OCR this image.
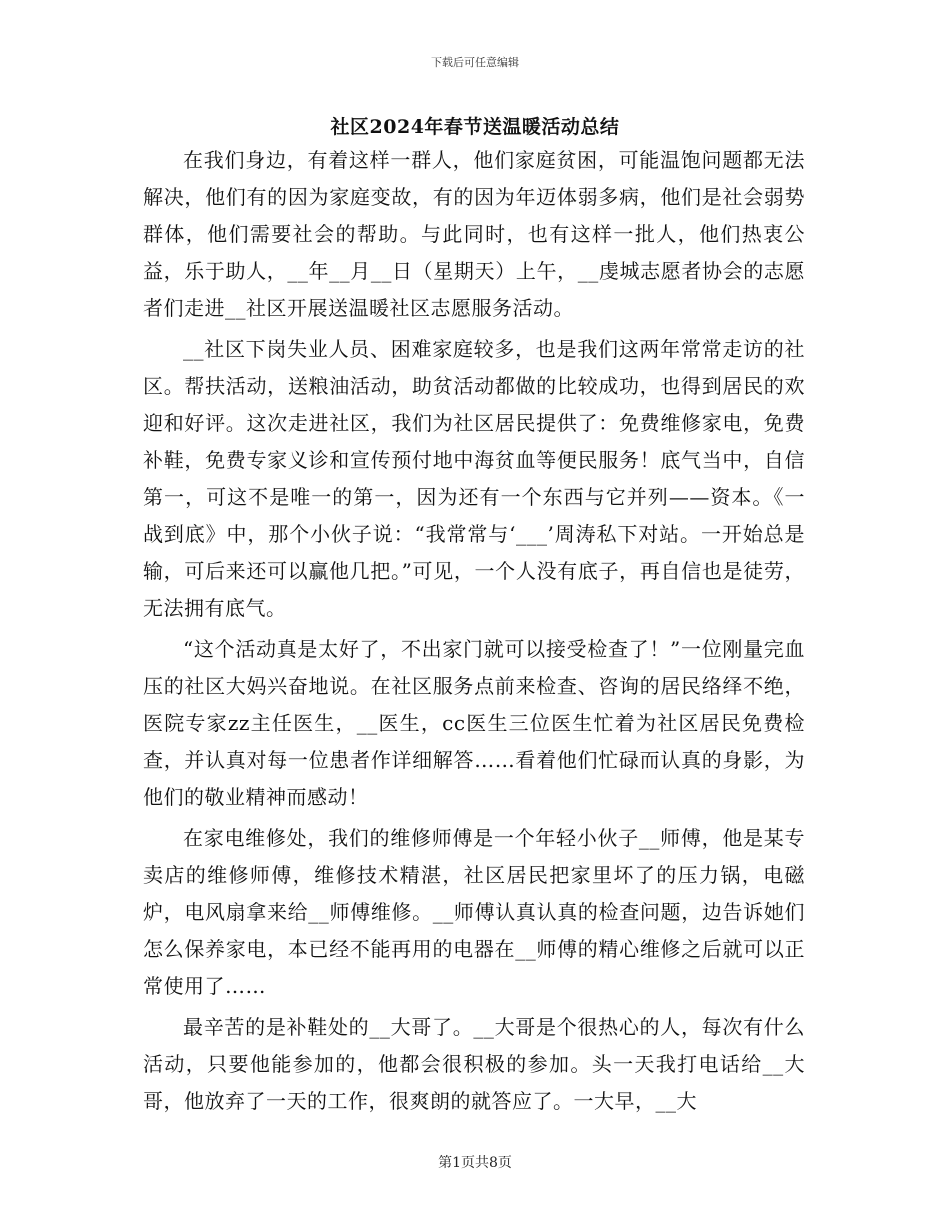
下载后可任意编辑
社区2024年春节送温暖活动总结

在我们身边，有着这样一群人，他们家庭贫困，可能温饱问题都无法解决，他们有的因为家庭变故，有的因为年迈体弱多病，他们是社会弱势群体，他们需要社会的帮助。与此同时，也有这样一批人，他们热衷公益，乐于助人，__年__月__日（星期天）上午，__虔城志愿者协会的志愿者们走进__社区开展送温暖社区志愿服务活动。

__社区下岗失业人员、困难家庭较多，也是我们这两年常常走访的社区。帮扶活动，送粮油活动，助贫活动都做的比较成功，也得到居民的欢迎和好评。这次走进社区，我们为社区居民提供了：免费维修家电，免费补鞋，免费专家义诊和宣传预付地中海贫血等便民服务！底气当中，自信第一，可这不是唯一的第一，因为还有一个东西与它并列——资本。《一战到底》中，那个小伙子说：“我常常与‘___’周涛私下对站。一开始总是输，可后来还可以赢他几把。”可见，一个人没有底子，再自信也是徒劳，无法拥有底气。

“这个活动真是太好了，不出家门就可以接受检查了！”一位刚量完血压的社区大妈兴奋地说。在社区服务点前来检查、咨询的居民络绎不绝，医院专家zz主任医生，__医生，cc医生三位医生忙着为社区居民免费检查，并认真对每一位患者作详细解答……看着他们忙碌而认真的身影，为他们的敬业精神而感动！

在家电维修处，我们的维修师傅是一个年轻小伙子__师傅，他是某专卖店的维修师傅，维修技术精湛，社区居民把家里坏了的压力锅，电磁炉，电风扇拿来给__师傅维修。__师傅认真认真的检查问题，边告诉她们怎么保养家电，本已经不能再用的电器在__师傅的精心维修之后就可以正常使用了……

最辛苦的是补鞋处的__大哥了。__大哥是个很热心的人，每次有什么活动，只要他能参加的，他都会很积极的参加。头一天我打电话给__大哥，他放弃了一天的工作，很爽朗的就答应了。一大早，__大

第1页共8页
